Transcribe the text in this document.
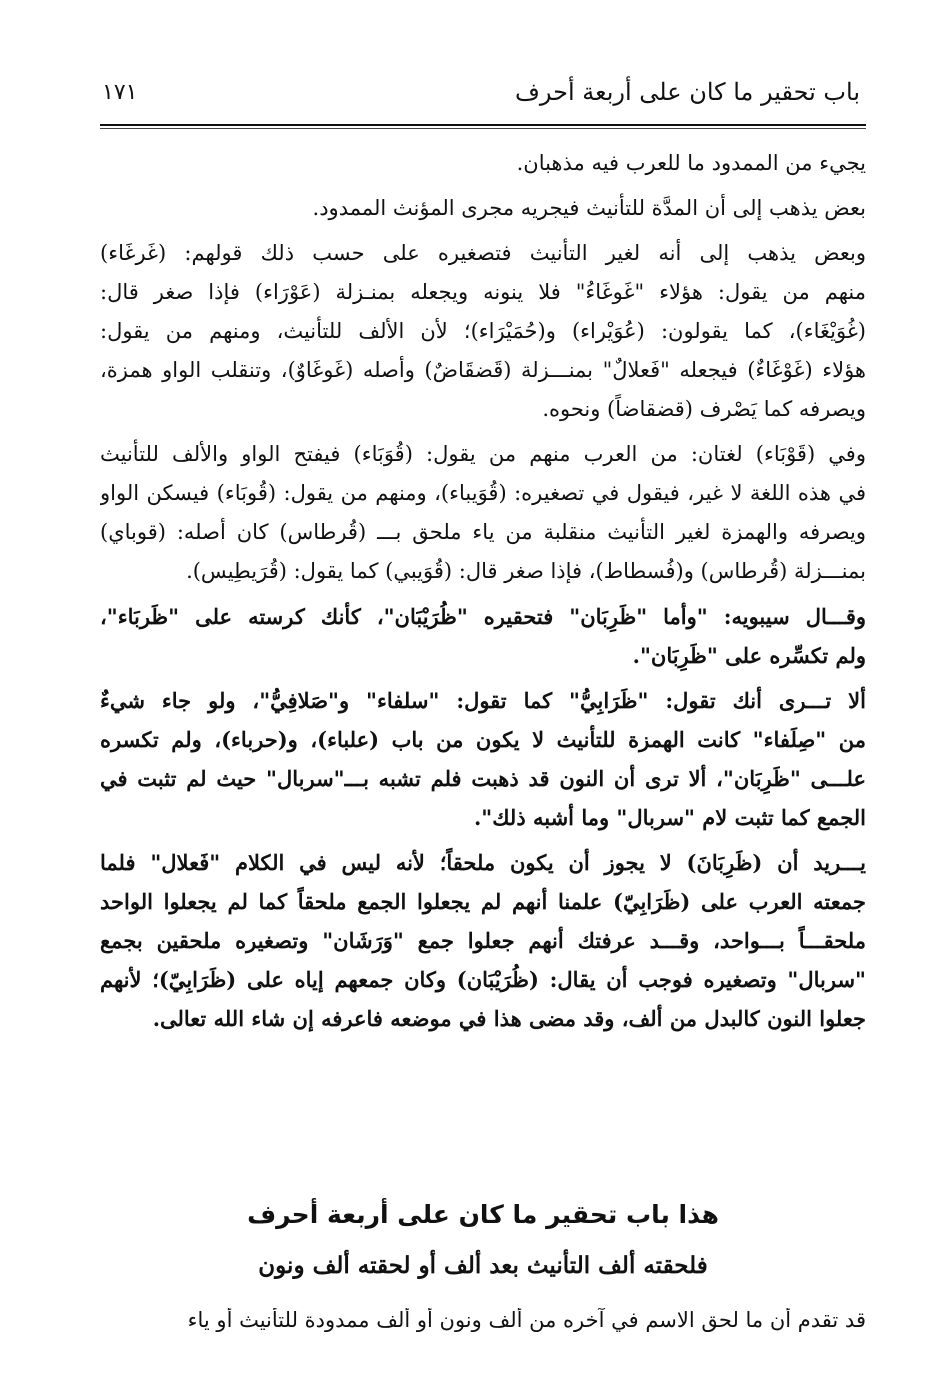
باب تحقير ما كان على أربعة أحرف
١٧١
يجيء من الممدود ما للعرب فيه مذهبان.
بعض يذهب إلى أن المدَّة للتأنيث فيجريه مجرى المؤنث الممدود.
وبعض يذهب إلى أنه لغير التأنيث فتصغيره على حسب ذلك قولهم: (غَرغَاء)
منهم من يقول: هؤلاء "غَوغَاءُ" فلا ينونه ويجعله بمنـزلة (عَوْرَاء) فإذا صغر قال:
(غُوَيْغَاء)، كما يقولون: (عُوَيْراء) و(حُمَيْرَاء)؛ لأن الألف للتأنيث، ومنهم من يقول:
هؤلاء (غَوْغَاءٌ) فيجعله "فَعلالٌ" بمنـــزلة (قَضقَاضٌ) وأصله (غَوغَاوٌ)، وتنقلب الواو همزة،
ويصرفه كما يَصْرف (قضقاضاً) ونحوه.
وفي (قَوْبَاء) لغتان: من العرب منهم من يقول: (قُوَبَاء) فيفتح الواو والألف للتأنيث
في هذه اللغة لا غير، فيقول في تصغيره: (قُوَيباء)، ومنهم من يقول: (قُوبَاء) فيسكن الواو
ويصرفه والهمزة لغير التأنيث منقلبة من ياء ملحق بـــ (قُرطاس) كان أصله: (قوباي)
بمنـــزلة (قُرطاس) و(فُسطاط)، فإذا صغر قال: (قُوَيبي) كما يقول: (قُرَيطِيس).
وقـــال سيبويه: "وأما "ظَرِبَان" فتحقيره "ظُرَيْبَان"، كأنك كرسته على "ظَربَاء"،
ولم تكسِّره على "ظَرِبَان".
ألا تـــرى أنك تقول: "ظَرَابِيُّ" كما تقول: "سلفاء" و"صَلافِيُّ"، ولو جاء شيءٌ
من "صِلَفاء" كانت الهمزة للتأنيث لا يكون من باب (علباء)، و(حرباء)، ولم تكسره
علـــى "ظَرِبَان"، ألا ترى أن النون قد ذهبت فلم تشبه بـــ"سربال" حيث لم تثبت في
الجمع كما تثبت لام "سربال" وما أشبه ذلك".
يـــريد أن (ظَرِبَانَ) لا يجوز أن يكون ملحقاً؛ لأنه ليس في الكلام "فَعلال" فلما
جمعته العرب على (ظَرَابِيّ) علمنا أنهم لم يجعلوا الجمع ملحقاً كما لم يجعلوا الواحد
ملحقـــاً بـــواحد، وقـــد عرفتك أنهم جعلوا جمع "وَرَشَان" وتصغيره ملحقين بجمع
"سربال" وتصغيره فوجب أن يقال: (ظُرَيْبَان) وكان جمعهم إياه على (ظَرَابِيّ)؛ لأنهم
جعلوا النون كالبدل من ألف، وقد مضى هذا في موضعه فاعرفه إن شاء الله تعالى.
هذا باب تحقير ما كان على أربعة أحرف
فلحقته ألف التأنيث بعد ألف أو لحقته ألف ونون
قد تقدم أن ما لحق الاسم في آخره من ألف ونون أو ألف ممدودة للتأنيث أو ياء
